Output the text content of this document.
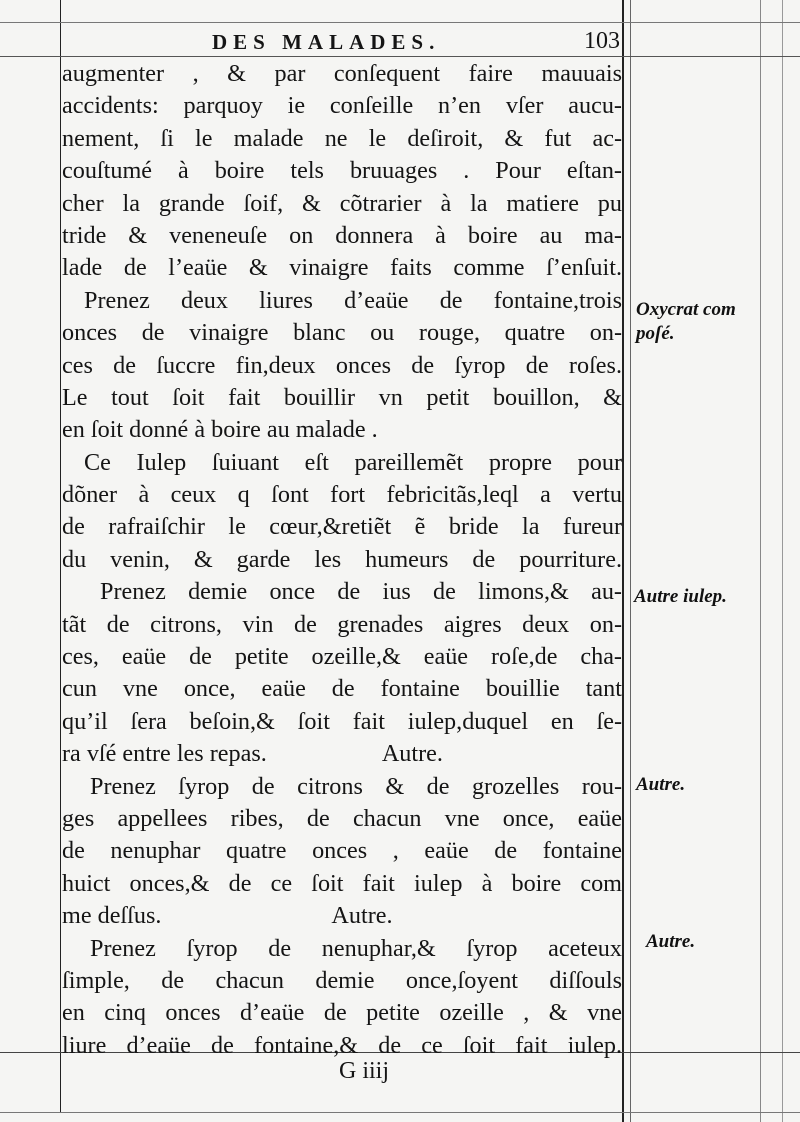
DES MALADES.	103
augmenter , & par conſequent faire mauuais
accidents: parquoy ie conſeille n’en vſer aucu-
nement, ſi le malade ne le deſiroit, & fut ac-
couſtumé à boire tels bruuages . Pour eſtan-
cher la grande ſoif, & cõtrarier à la matiere pu
tride & veneneuſe on donnera à boire au ma-
lade de l’eaüe & vinaigre faits comme ſ’enſuit.
Prenez deux liures d’eaüe de fontaine,trois
onces de vinaigre blanc ou rouge, quatre on-
ces de ſuccre fin,deux onces de ſyrop de roſes.
Le tout ſoit fait bouillir vn petit bouillon, &
en ſoit donné à boire au malade .
Ce Iulep ſuiuant eſt pareillemẽt propre pour
dõner à ceux q ſont fort febricitãs,leql a vertu
de rafraiſchir le cœur,&retiẽt ẽ bride la fureur
du venin, & garde les humeurs de pourriture.
Prenez demie once de ius de limons,& au-
tãt de citrons, vin de grenades aigres deux on-
ces, eaüe de petite ozeille,& eaüe roſe,de cha-
cun vne once, eaüe de fontaine bouillie tant
qu’il ſera beſoin,& ſoit fait iulep,duquel en ſe-
ra vſé entre les repas.	Autre.
Prenez ſyrop de citrons & de grozelles rou-
ges appellees ribes, de chacun vne once, eaüe
de nenuphar quatre onces , eaüe de fontaine
huict onces,& de ce ſoit fait iulep à boire com
me deſſus.	Autre.
Prenez ſyrop de nenuphar,& ſyrop aceteux
ſimple, de chacun demie once,ſoyent diſſouls
en cinq onces d’eaüe de petite ozeille , & vne
liure d’eaüe de fontaine,& de ce ſoit fait iulep.
Oxycrat com poſé.
Autre iulep.
Autre.
Autre.
G iiij
